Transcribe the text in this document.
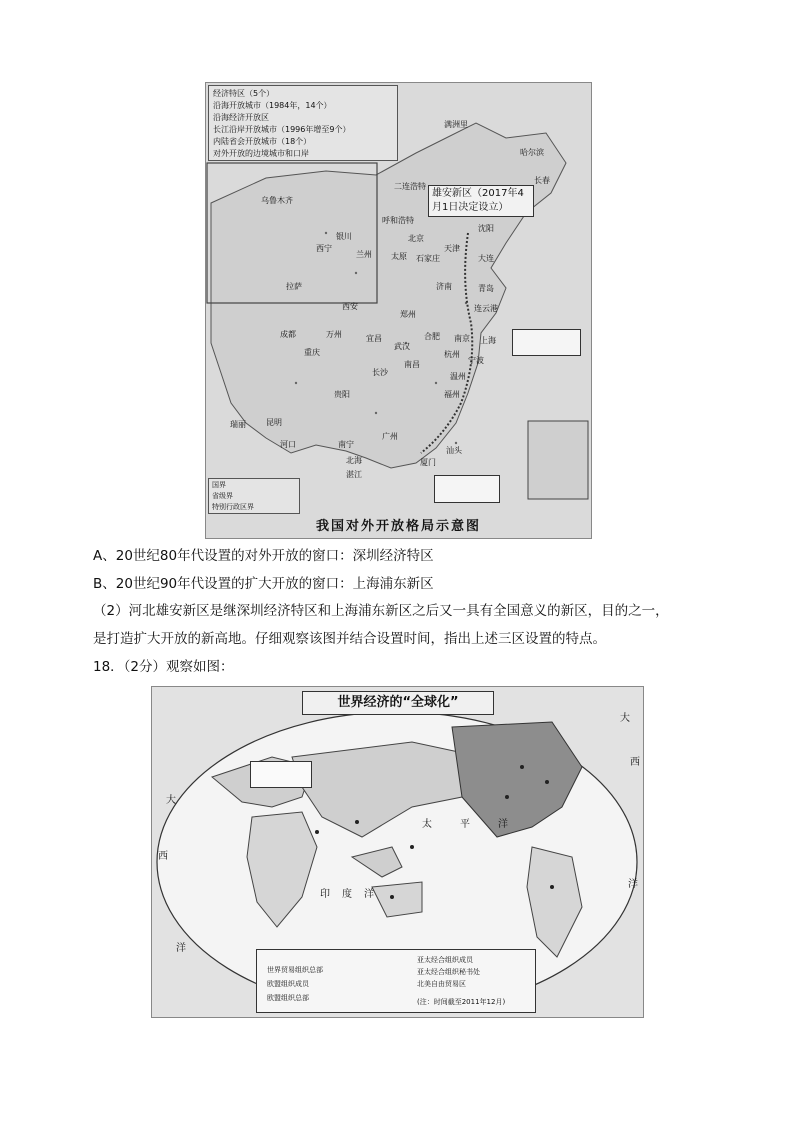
经济特区（5个）
沿海开放城市（1984年，14个）
沿海经济开放区
长江沿岸开放城市（1996年增至9个）
内陆省会开放城市（18个）
对外开放的边境城市和口岸
雄安新区（2017年4月1日决定设立）
满洲里
哈尔滨
长春
二连浩特
乌鲁木齐
呼和浩特
北京
天津
沈阳
大连
银川
兰州
西宁
太原 石家庄
拉萨	济南	青岛
西安
郑州
连云港
合肥 南京 上海
成都
重庆
万州	宜昌
武汉
长沙
南昌
杭州
宁波
温州
福州
贵阳
昆明
南宁
瑞丽
河口
广州
北海
湛江
厦门
汕头
国界
省级界
特别行政区界
我国对外开放格局示意图
A、20世纪80年代设置的对外开放的窗口：深圳经济特区
B、20世纪90年代设置的扩大开放的窗口：上海浦东新区
（2）河北雄安新区是继深圳经济特区和上海浦东新区之后又一具有全国意义的新区，目的之一，
是打造扩大开放的新高地。仔细观察该图并结合设置时间，指出上述三区设置的特点。
18．（2分）观察如图：
世界经济的“全球化”
大
西
洋
太	平	洋
印 度 洋
大
西
洋
世界贸易组织总部
欧盟组织成员
欧盟组织总部
亚太经合组织成员
亚太经合组织秘书处
北美自由贸易区
(注：时间截至2011年12月)
